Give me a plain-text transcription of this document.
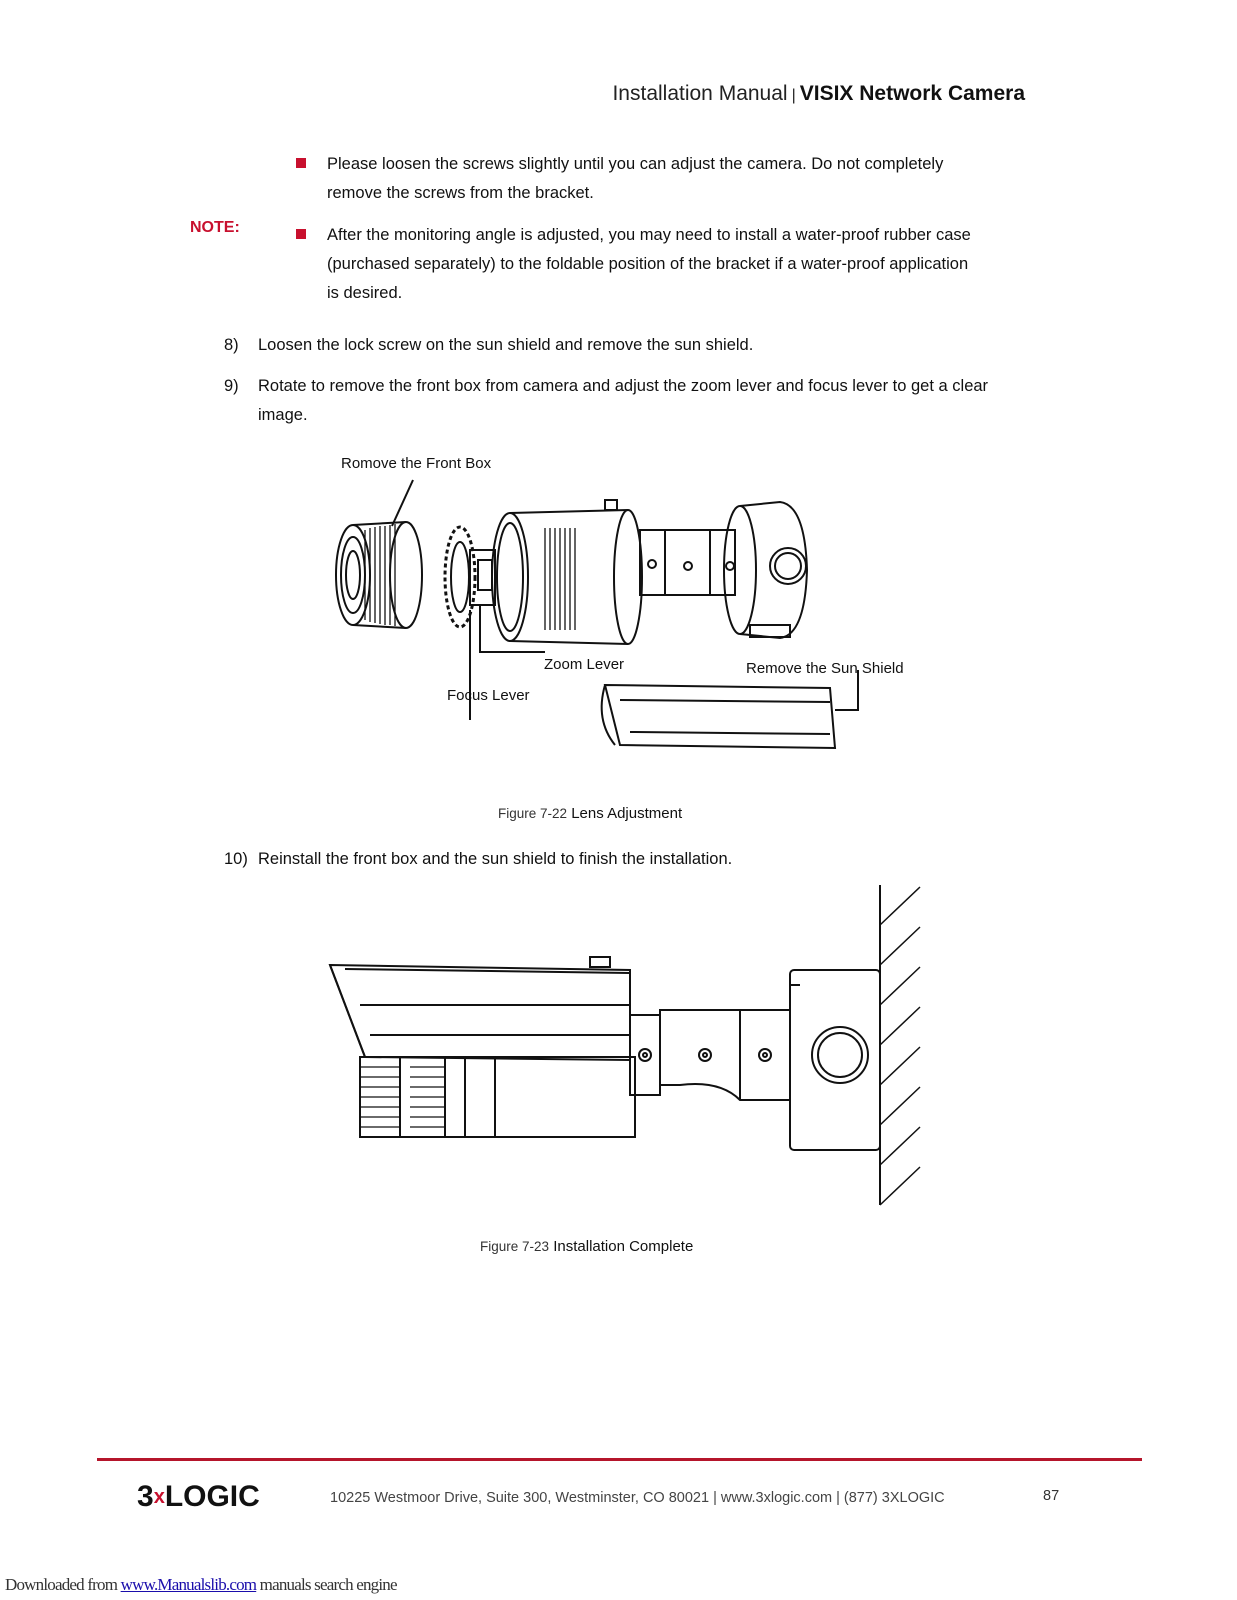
Installation Manual | VISIX Network Camera
NOTE:
Please loosen the screws slightly until you can adjust the camera. Do not completely
remove the screws from the bracket.
After the monitoring angle is adjusted, you may need to install a water-proof rubber case
(purchased separately) to the foldable position of the bracket if a water-proof application
is desired.
8) Loosen the lock screw on the sun shield and remove the sun shield.
9) Rotate to remove the front box from camera and adjust the zoom lever and focus lever to get a clear
image.
Romove the Front Box
Zoom Lever
Focus Lever
Remove the Sun Shield
Figure 7-22 Lens Adjustment
10) Reinstall the front box and the sun shield to finish the installation.
Figure 7-23 Installation Complete
3xLOGIC	10225 Westmoor Drive, Suite 300, Westminster, CO 80021 | www.3xlogic.com | (877) 3XLOGIC	87
Downloaded from www.Manualslib.com manuals search engine
